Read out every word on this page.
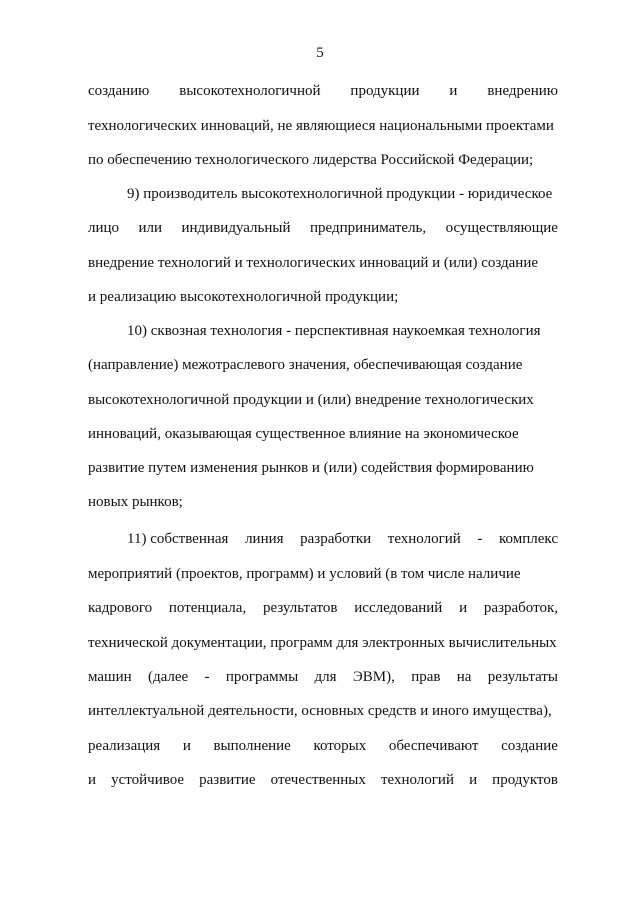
5
созданию высокотехнологичной продукции и внедрению
технологических инноваций, не являющиеся национальными проектами
по обеспечению технологического лидерства Российской Федерации;
9) производитель высокотехнологичной продукции - юридическое
лицо или индивидуальный предприниматель, осуществляющие
внедрение технологий и технологических инноваций и (или) создание
и реализацию высокотехнологичной продукции;
10) сквозная технология - перспективная наукоемкая технология
(направление) межотраслевого значения, обеспечивающая создание
высокотехнологичной продукции и (или) внедрение технологических
инноваций, оказывающая существенное влияние на экономическое
развитие путем изменения рынков и (или) содействия формированию
новых рынков;
11) собственная линия разработки технологий - комплекс
мероприятий (проектов, программ) и условий (в том числе наличие
кадрового потенциала, результатов исследований и разработок,
технической документации, программ для электронных вычислительных
машин (далее - программы для ЭВМ), прав на результаты
интеллектуальной деятельности, основных средств и иного имущества),
реализация и выполнение которых обеспечивают создание
и устойчивое развитие отечественных технологий и продуктов
